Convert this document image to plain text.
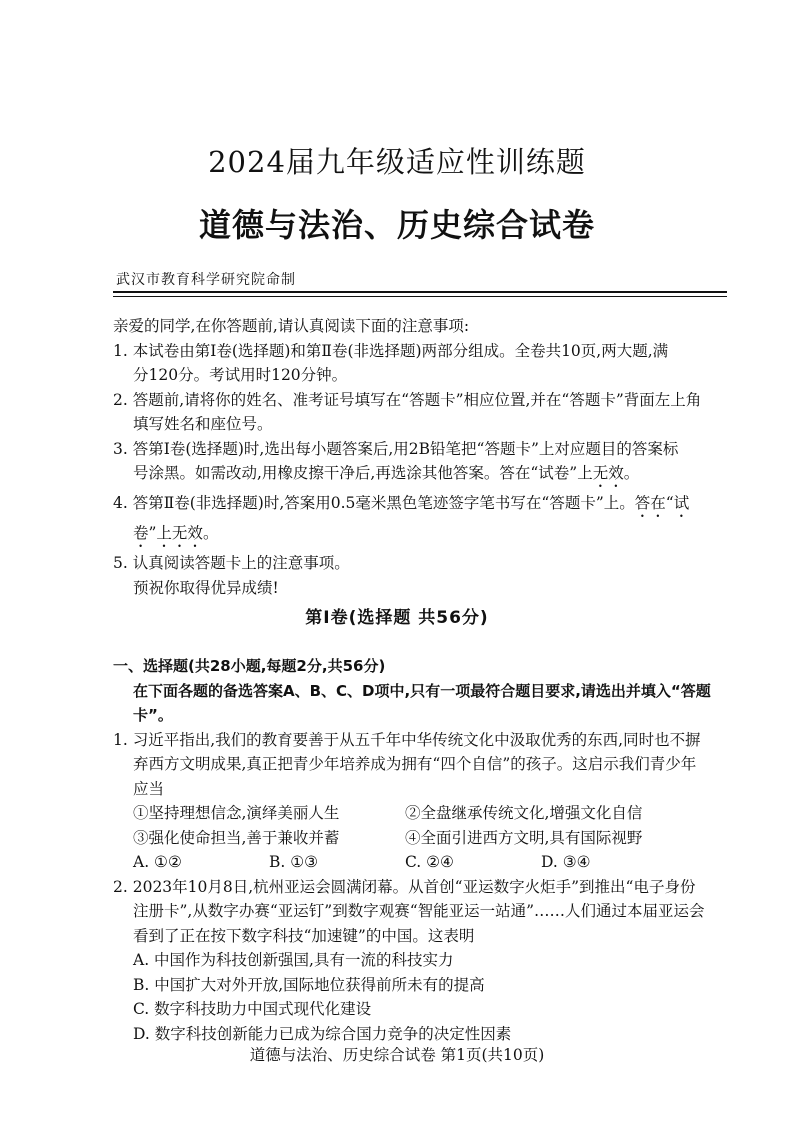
2024届九年级适应性训练题
道德与法治、历史综合试卷
武汉市教育科学研究院命制
亲爱的同学,在你答题前,请认真阅读下面的注意事项:
1. 本试卷由第Ⅰ卷(选择题)和第Ⅱ卷(非选择题)两部分组成。全卷共10页,两大题,满
分120分。考试用时120分钟。
2. 答题前,请将你的姓名、准考证号填写在“答题卡”相应位置,并在“答题卡”背面左上角
填写姓名和座位号。
3. 答第Ⅰ卷(选择题)时,选出每小题答案后,用2B铅笔把“答题卡”上对应题目的答案标
号涂黑。如需改动,用橡皮擦干净后,再选涂其他答案。答在“试卷”上无效。
4. 答第Ⅱ卷(非选择题)时,答案用0.5毫米黑色笔迹签字笔书写在“答题卡”上。答在“试
卷”上无效。
5. 认真阅读答题卡上的注意事项。
预祝你取得优异成绩!
第Ⅰ卷(选择题 共56分)
一、选择题(共28小题,每题2分,共56分)
在下面各题的备选答案A、B、C、D项中,只有一项最符合题目要求,请选出并填入“答题卡”。
1. 习近平指出,我们的教育要善于从五千年中华传统文化中汲取优秀的东西,同时也不摒
弃西方文明成果,真正把青少年培养成为拥有“四个自信”的孩子。这启示我们青少年
应当
①坚持理想信念,演绎美丽人生	②全盘继承传统文化,增强文化自信
③强化使命担当,善于兼收并蓄	④全面引进西方文明,具有国际视野
A. ①②	B. ①③	C. ②④	D. ③④
2. 2023年10月8日,杭州亚运会圆满闭幕。从首创“亚运数字火炬手”到推出“电子身份
注册卡”,从数字办赛“亚运钉”到数字观赛“智能亚运一站通”……人们通过本届亚运会
看到了正在按下数字科技“加速键”的中国。这表明
A. 中国作为科技创新强国,具有一流的科技实力
B. 中国扩大对外开放,国际地位获得前所未有的提高
C. 数字科技助力中国式现代化建设
D. 数字科技创新能力已成为综合国力竞争的决定性因素
道德与法治、历史综合试卷 第1页(共10页)
